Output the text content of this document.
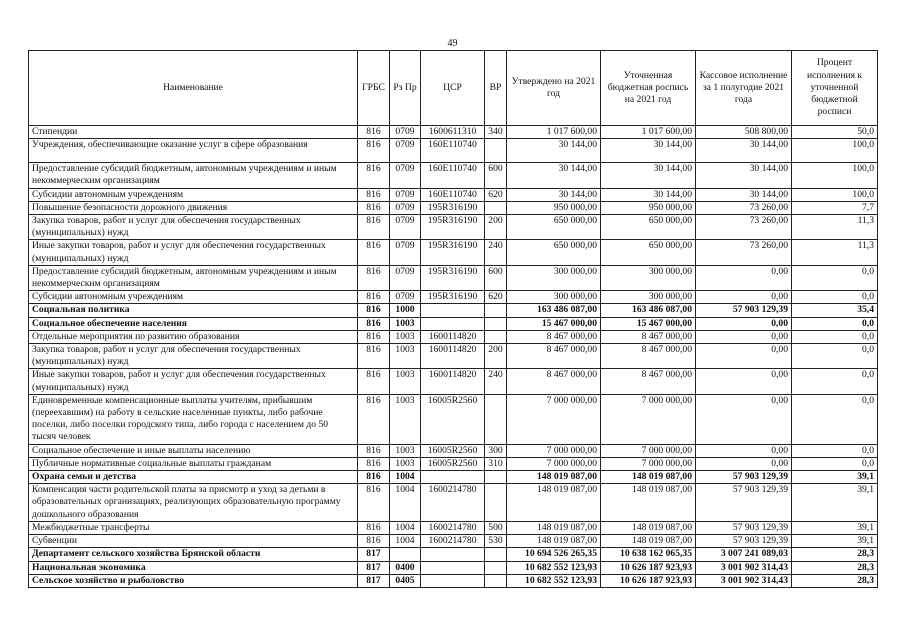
49
Наименование	ГРБС	Рз Пр	ЦСР	ВР	Утверждено на 2021 год	Уточненная бюджетная роспись на 2021 год	Кассовое исполнение за 1 полугодие 2021 года	Процент исполнения к уточненной бюджетной росписи
Стипендии	816	0709	1600611310	340	1 017 600,00	1 017 600,00	508 800,00	50,0
Учреждения, обеспечивающие оказание услуг в сфере образования	816	0709	160Е110740		30 144,00	30 144,00	30 144,00	100,0
Предоставление субсидий бюджетным, автономным учреждениям и иным некоммерческим организациям	816	0709	160Е110740	600	30 144,00	30 144,00	30 144,00	100,0
Субсидии автономным учреждениям	816	0709	160Е110740	620	30 144,00	30 144,00	30 144,00	100,0
Повышение безопасности дорожного движения	816	0709	195R316190		950 000,00	950 000,00	73 260,00	7,7
Закупка товаров, работ и услуг для обеспечения государственных (муниципальных) нужд	816	0709	195R316190	200	650 000,00	650 000,00	73 260,00	11,3
Иные закупки товаров, работ и услуг для обеспечения государственных (муниципальных) нужд	816	0709	195R316190	240	650 000,00	650 000,00	73 260,00	11,3
Предоставление субсидий бюджетным, автономным учреждениям и иным некоммерческим организациям	816	0709	195R316190	600	300 000,00	300 000,00	0,00	0,0
Субсидии автономным учреждениям	816	0709	195R316190	620	300 000,00	300 000,00	0,00	0,0
Социальная политика	816	1000			163 486 087,00	163 486 087,00	57 903 129,39	35,4
Социальное обеспечение населения	816	1003			15 467 000,00	15 467 000,00	0,00	0,0
Отдельные мероприятия по развитию образования	816	1003	1600114820		8 467 000,00	8 467 000,00	0,00	0,0
Закупка товаров, работ и услуг для обеспечения государственных (муниципальных) нужд	816	1003	1600114820	200	8 467 000,00	8 467 000,00	0,00	0,0
Иные закупки товаров, работ и услуг для обеспечения государственных (муниципальных) нужд	816	1003	1600114820	240	8 467 000,00	8 467 000,00	0,00	0,0
Единовременные компенсационные выплаты учителям, прибывшим (переехавшим) на работу в сельские населенные пункты, либо рабочие поселки, либо поселки городского типа, либо города с населением до 50 тысяч человек	816	1003	16005R2560		7 000 000,00	7 000 000,00	0,00	0,0
Социальное обеспечение и иные выплаты населению	816	1003	16005R2560	300	7 000 000,00	7 000 000,00	0,00	0,0
Публичные нормативные социальные выплаты гражданам	816	1003	16005R2560	310	7 000 000,00	7 000 000,00	0,00	0,0
Охрана семьи и детства	816	1004			148 019 087,00	148 019 087,00	57 903 129,39	39,1
Компенсация части родительской платы за присмотр и уход за детьми в образовательных организациях, реализующих образовательную программу дошкольного образования	816	1004	1600214780		148 019 087,00	148 019 087,00	57 903 129,39	39,1
Межбюджетные трансферты	816	1004	1600214780	500	148 019 087,00	148 019 087,00	57 903 129,39	39,1
Субвенции	816	1004	1600214780	530	148 019 087,00	148 019 087,00	57 903 129,39	39,1
Департамент сельского хозяйства Брянской области	817				10 694 526 265,35	10 638 162 065,35	3 007 241 089,03	28,3
Национальная экономика	817	0400			10 682 552 123,93	10 626 187 923,93	3 001 902 314,43	28,3
Сельское хозяйство и рыболовство	817	0405			10 682 552 123,93	10 626 187 923,93	3 001 902 314,43	28,3
